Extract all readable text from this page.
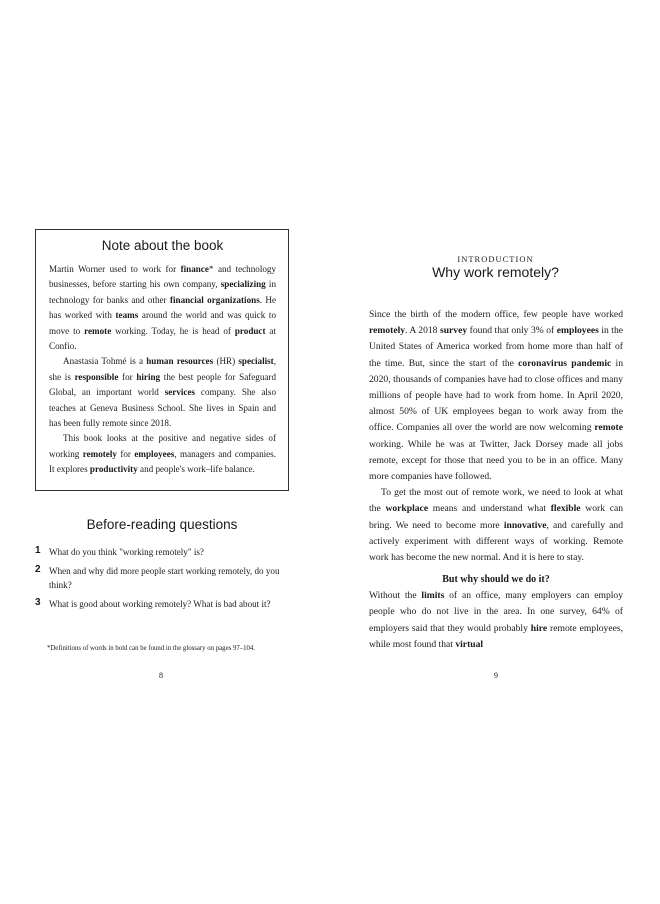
Note about the book

Martin Worner used to work for finance* and technology businesses, before starting his own company, specializing in technology for banks and other financial organizations. He has worked with teams around the world and was quick to move to remote working. Today, he is head of product at Confio.

Anastasia Tohmé is a human resources (HR) specialist, she is responsible for hiring the best people for Safeguard Global, an important world services company. She also teaches at Geneva Business School. She lives in Spain and has been fully remote since 2018.

This book looks at the positive and negative sides of working remotely for employees, managers and companies. It explores productivity and people's work–life balance.

Before-reading questions
1 What do you think "working remotely" is?
2 When and why did more people start working remotely, do you think?
3 What is good about working remotely? What is bad about it?
*Definitions of words in bold can be found in the glossary on pages 97–104.
8
INTRODUCTION
Why work remotely?

Since the birth of the modern office, few people have worked remotely. A 2018 survey found that only 3% of employees in the United States of America worked from home more than half of the time. But, since the start of the coronavirus pandemic in 2020, thousands of companies have had to close offices and many millions of people have had to work from home. In April 2020, almost 50% of UK employees began to work away from the office. Companies all over the world are now welcoming remote working. While he was at Twitter, Jack Dorsey made all jobs remote, except for those that need you to be in an office. Many more companies have followed.

To get the most out of remote work, we need to look at what the workplace means and understand what flexible work can bring. We need to become more innovative, and carefully and actively experiment with different ways of working. Remote work has become the new normal. And it is here to stay.

But why should we do it?

Without the limits of an office, many employers can employ people who do not live in the area. In one survey, 64% of employers said that they would probably hire remote employees, while most found that virtual

9
